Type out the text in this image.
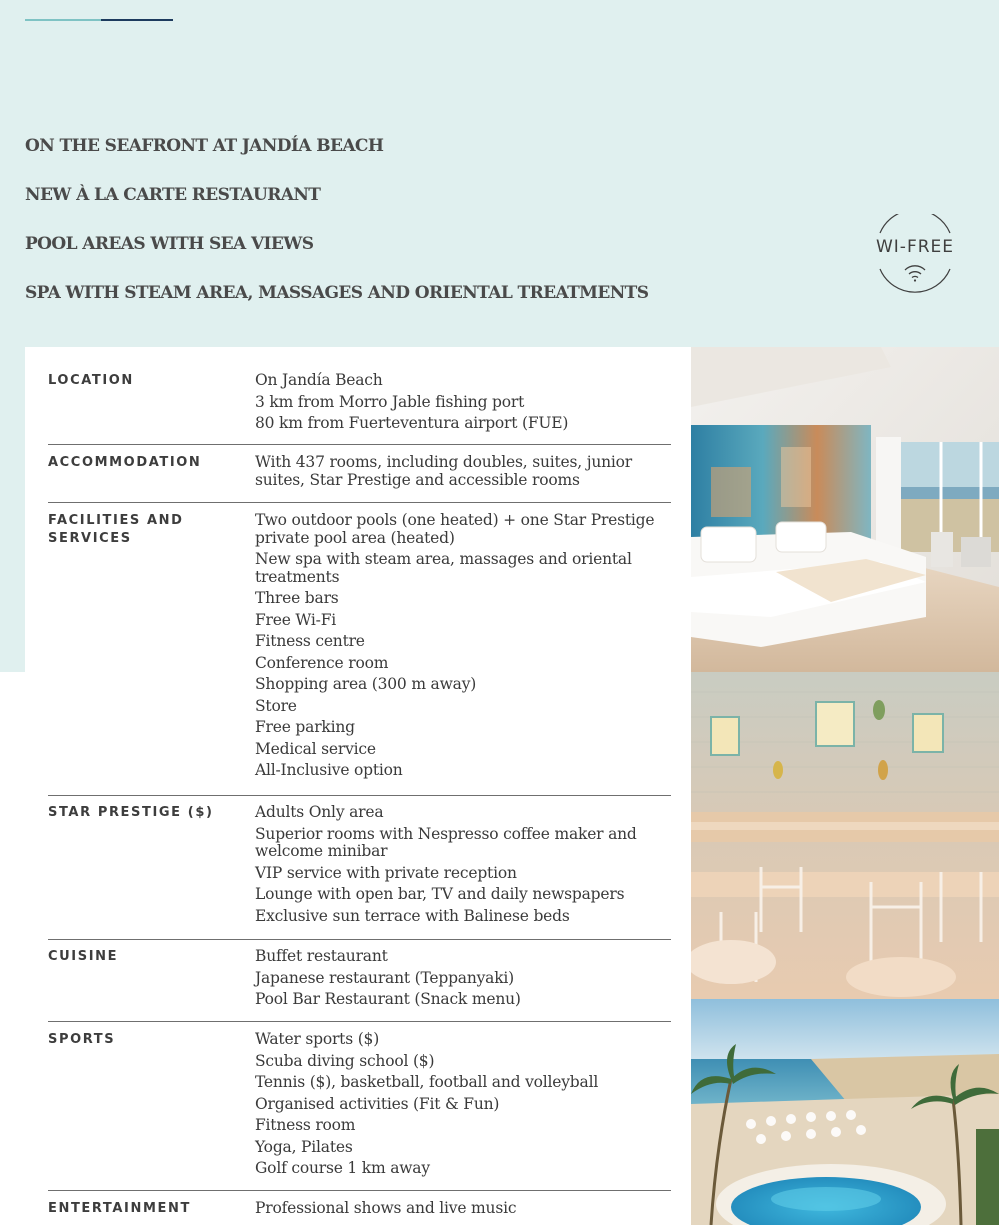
ON THE SEAFRONT AT JANDÍA BEACH
NEW À LA CARTE RESTAURANT
POOL AREAS WITH SEA VIEWS
SPA WITH STEAM AREA, MASSAGES AND ORIENTAL TREATMENTS
WI-FREE
LOCATION	On Jandía Beach
3 km from Morro Jable fishing port
80 km from Fuerteventura airport (FUE)
ACCOMMODATION	With 437 rooms, including doubles, suites, junior suites, Star Prestige and accessible rooms
FACILITIES AND SERVICES
Two outdoor pools (one heated) + one Star Prestige private pool area (heated)
New spa with steam area, massages and oriental treatments
Three bars
Free Wi-Fi
Fitness centre
Conference room
Shopping area (300 m away)
Store
Free parking
Medical service
All-Inclusive option
STAR PRESTIGE ($)	Adults Only area
Superior rooms with Nespresso coffee maker and welcome minibar
VIP service with private reception
Lounge with open bar, TV and daily newspapers
Exclusive sun terrace with Balinese beds
CUISINE	Buffet restaurant
Japanese restaurant (Teppanyaki)
Pool Bar Restaurant (Snack menu)
SPORTS	Water sports ($)
Scuba diving school ($)
Tennis ($), basketball, football and volleyball
Organised activities (Fit & Fun)
Fitness room
Yoga, Pilates
Golf course 1 km away
ENTERTAINMENT	Professional shows and live music
